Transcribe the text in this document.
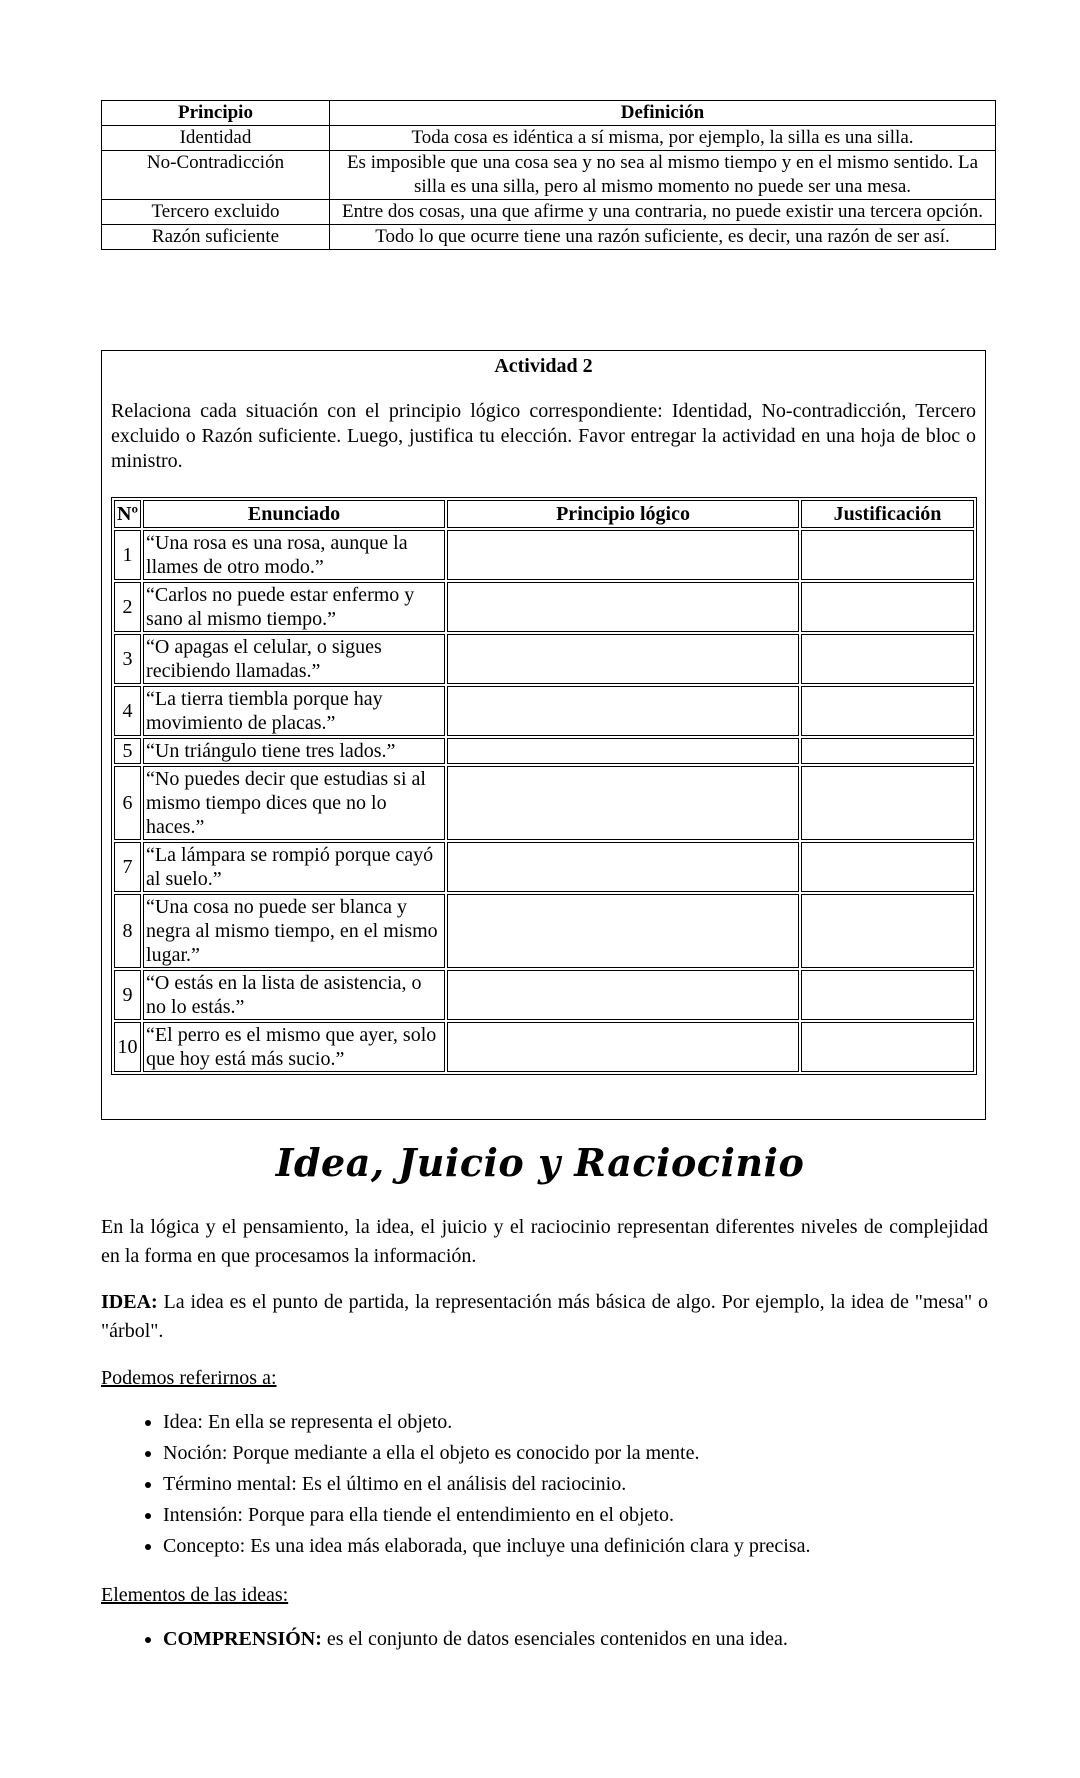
Principio	Definición
Identidad	Toda cosa es idéntica a sí misma, por ejemplo, la silla es una silla.
No-Contradicción	Es imposible que una cosa sea y no sea al mismo tiempo y en el mismo sentido. La silla es una silla, pero al mismo momento no puede ser una mesa.
Tercero excluido	Entre dos cosas, una que afirme y una contraria, no puede existir una tercera opción.
Razón suficiente	Todo lo que ocurre tiene una razón suficiente, es decir, una razón de ser así.
Actividad 2
Relaciona cada situación con el principio lógico correspondiente: Identidad, No-contradicción, Tercero excluido o Razón suficiente. Luego, justifica tu elección. Favor entregar la actividad en una hoja de bloc o ministro.
Nº	Enunciado	Principio lógico	Justificación
1	“Una rosa es una rosa, aunque la llames de otro modo.”		
2	“Carlos no puede estar enfermo y sano al mismo tiempo.”		
3	“O apagas el celular, o sigues recibiendo llamadas.”		
4	“La tierra tiembla porque hay movimiento de placas.”		
5	“Un triángulo tiene tres lados.”		
6	“No puedes decir que estudias si al mismo tiempo dices que no lo haces.”		
7	“La lámpara se rompió porque cayó al suelo.”		
8	“Una cosa no puede ser blanca y negra al mismo tiempo, en el mismo lugar.”		
9	“O estás en la lista de asistencia, o no lo estás.”		
10	“El perro es el mismo que ayer, solo que hoy está más sucio.”		
Idea, Juicio y Raciocinio
En la lógica y el pensamiento, la idea, el juicio y el raciocinio representan diferentes niveles de complejidad en la forma en que procesamos la información.
IDEA: La idea es el punto de partida, la representación más básica de algo. Por ejemplo, la idea de "mesa" o "árbol".
Podemos referirnos a:
• Idea: En ella se representa el objeto.
• Noción: Porque mediante a ella el objeto es conocido por la mente.
• Término mental: Es el último en el análisis del raciocinio.
• Intensión: Porque para ella tiende el entendimiento en el objeto.
• Concepto: Es una idea más elaborada, que incluye una definición clara y precisa.
Elementos de las ideas:
• COMPRENSIÓN: es el conjunto de datos esenciales contenidos en una idea.
